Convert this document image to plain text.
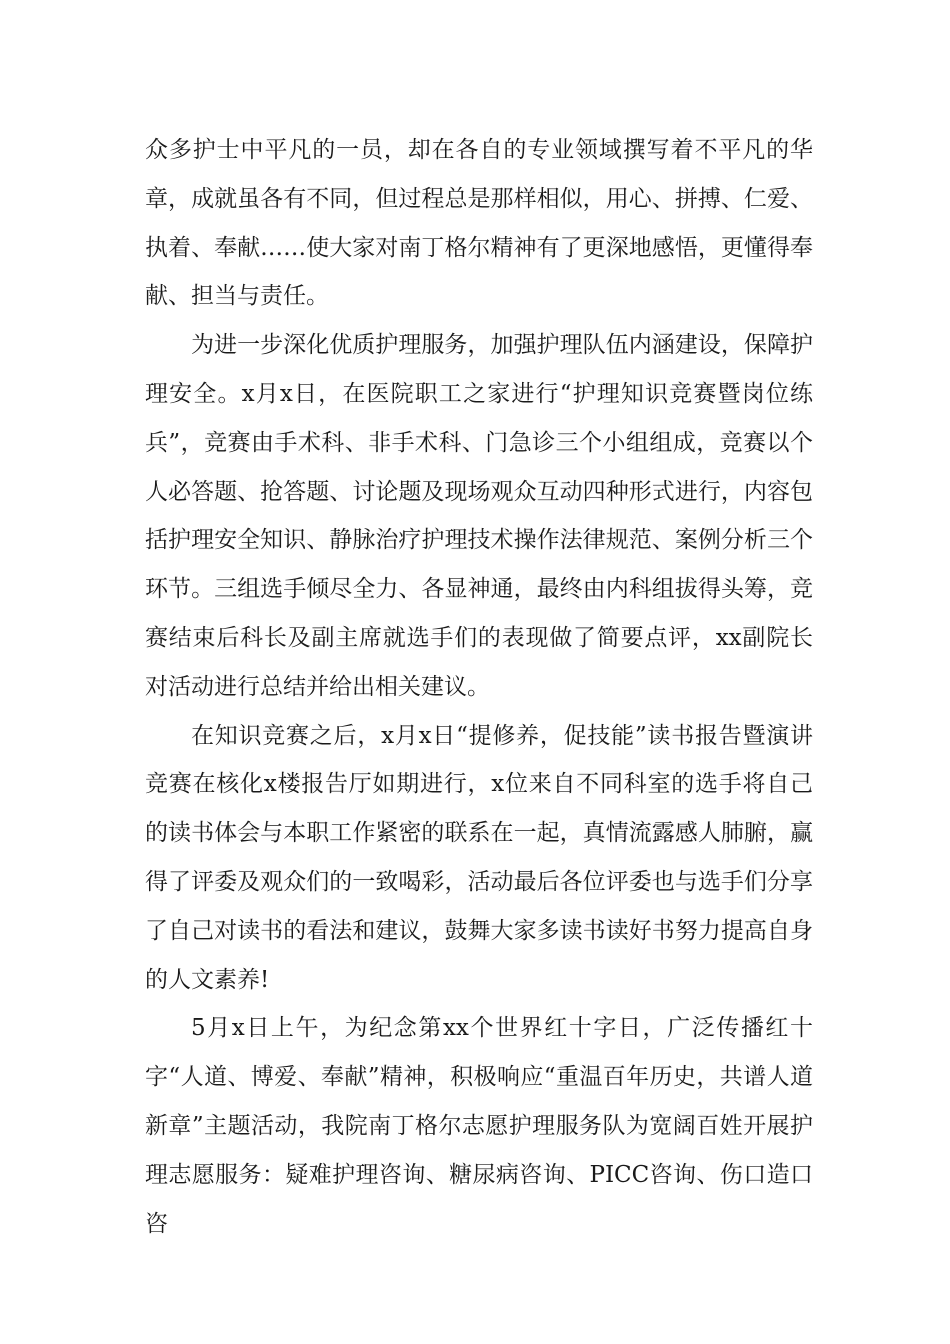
众多护士中平凡的一员，却在各自的专业领域撰写着不平凡的华章，成就虽各有不同，但过程总是那样相似，用心、拼搏、仁爱、执着、奉献……使大家对南丁格尔精神有了更深地感悟，更懂得奉献、担当与责任。

为进一步深化优质护理服务，加强护理队伍内涵建设，保障护理安全。x月x日，在医院职工之家进行“护理知识竞赛暨岗位练兵”，竞赛由手术科、非手术科、门急诊三个小组组成，竞赛以个人必答题、抢答题、讨论题及现场观众互动四种形式进行，内容包括护理安全知识、静脉治疗护理技术操作法律规范、案例分析三个环节。三组选手倾尽全力、各显神通，最终由内科组拔得头筹，竞赛结束后科长及副主席就选手们的表现做了简要点评，xx副院长对活动进行总结并给出相关建议。

在知识竞赛之后，x月x日“提修养，促技能”读书报告暨演讲竞赛在核化x楼报告厅如期进行，x位来自不同科室的选手将自己的读书体会与本职工作紧密的联系在一起，真情流露感人肺腑，赢得了评委及观众们的一致喝彩，活动最后各位评委也与选手们分享了自己对读书的看法和建议，鼓舞大家多读书读好书努力提高自身的人文素养!

5月x日上午，为纪念第xx个世界红十字日，广泛传播红十字“人道、博爱、奉献”精神，积极响应“重温百年历史，共谱人道新章”主题活动，我院南丁格尔志愿护理服务队为宽阔百姓开展护理志愿服务：疑难护理咨询、糖尿病咨询、PICC咨询、伤口造口咨
